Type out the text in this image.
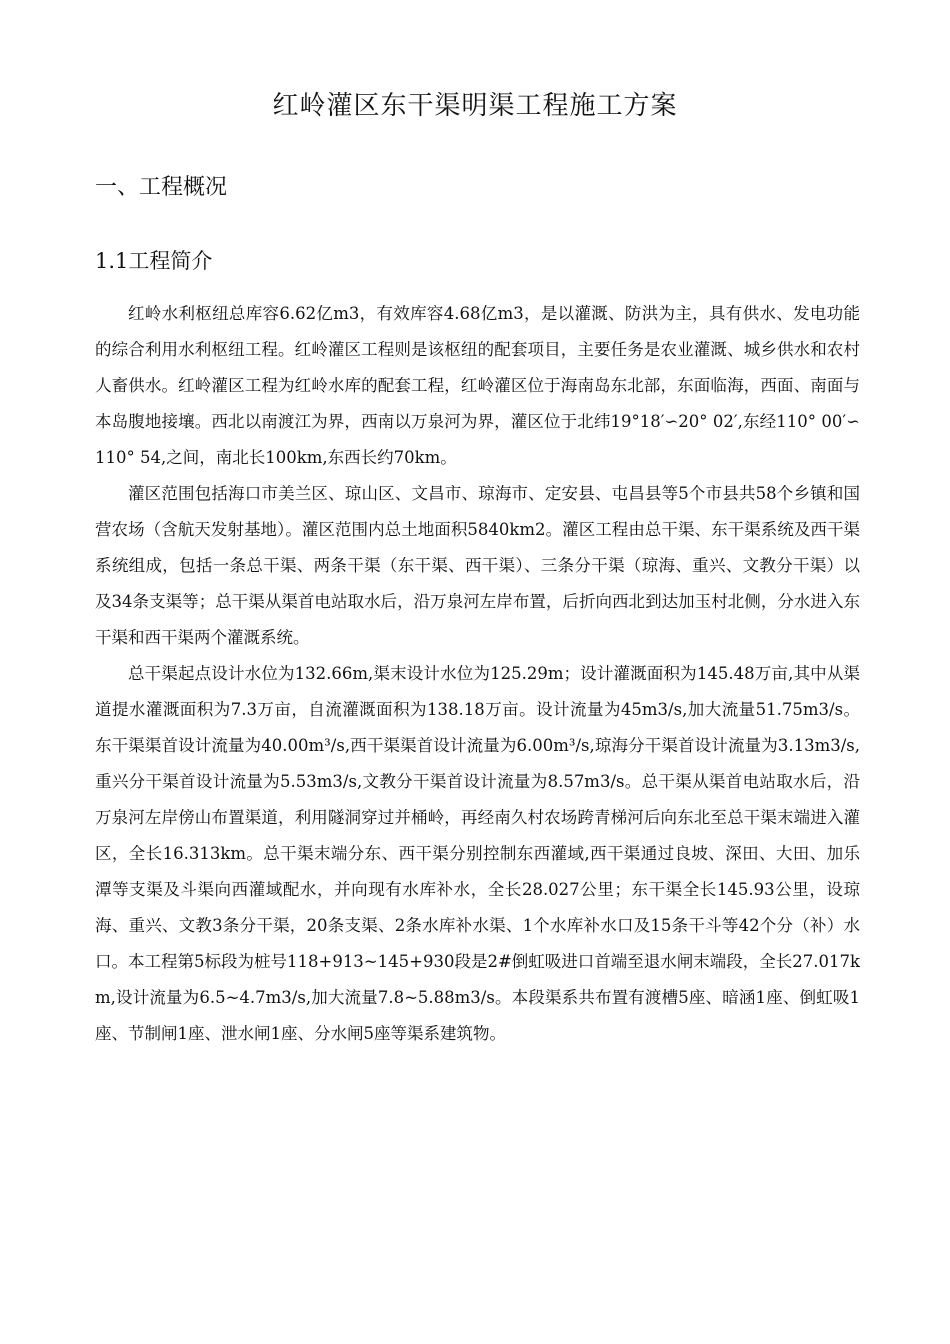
红岭灌区东干渠明渠工程施工方案
一、工程概况
1.1工程简介

红岭水利枢纽总库容6.62亿m3，有效库容4.68亿m3，是以灌溉、防洪为主，具有供水、发电功能的综合利用水利枢纽工程。红岭灌区工程则是该枢纽的配套项目，主要任务是农业灌溉、城乡供水和农村人畜供水。红岭灌区工程为红岭水库的配套工程，红岭灌区位于海南岛东北部，东面临海，西面、南面与本岛腹地接壤。西北以南渡江为界，西南以万泉河为界，灌区位于北纬19°18′∽20° 02′,东经110° 00′∽110° 54,之间，南北长100km,东西长约70km。

灌区范围包括海口市美兰区、琼山区、文昌市、琼海市、定安县、屯昌县等5个市县共58个乡镇和国营农场（含航天发射基地）。灌区范围内总土地面积5840km2。灌区工程由总干渠、东干渠系统及西干渠系统组成，包括一条总干渠、两条干渠（东干渠、西干渠）、三条分干渠（琼海、重兴、文教分干渠）以及34条支渠等；总干渠从渠首电站取水后，沿万泉河左岸布置，后折向西北到达加玉村北侧，分水进入东干渠和西干渠两个灌溉系统。

总干渠起点设计水位为132.66m,渠末设计水位为125.29m；设计灌溉面积为145.48万亩,其中从渠道提水灌溉面积为7.3万亩，自流灌溉面积为138.18万亩。设计流量为45m3/s,加大流量51.75m3/s。东干渠渠首设计流量为40.00m³/s,西干渠渠首设计流量为6.00m³/s,琼海分干渠首设计流量为3.13m3/s,重兴分干渠首设计流量为5.53m3/s,文教分干渠首设计流量为8.57m3/s。总干渠从渠首电站取水后，沿万泉河左岸傍山布置渠道，利用隧洞穿过并桶岭，再经南久村农场跨青梯河后向东北至总干渠末端进入灌区，全长16.313km。总干渠末端分东、西干渠分别控制东西灌域,西干渠通过良坡、深田、大田、加乐潭等支渠及斗渠向西灌域配水，并向现有水库补水，全长28.027公里；东干渠全长145.93公里，设琼海、重兴、文教3条分干渠，20条支渠、2条水库补水渠、1个水库补水口及15条干斗等42个分（补）水口。本工程第5标段为桩号118+913~145+930段是2#倒虹吸进口首端至退水闸末端段，全长27.017km,设计流量为6.5~4.7m3/s,加大流量7.8~5.88m3/s。本段渠系共布置有渡槽5座、暗涵1座、倒虹吸1座、节制闸1座、泄水闸1座、分水闸5座等渠系建筑物。
